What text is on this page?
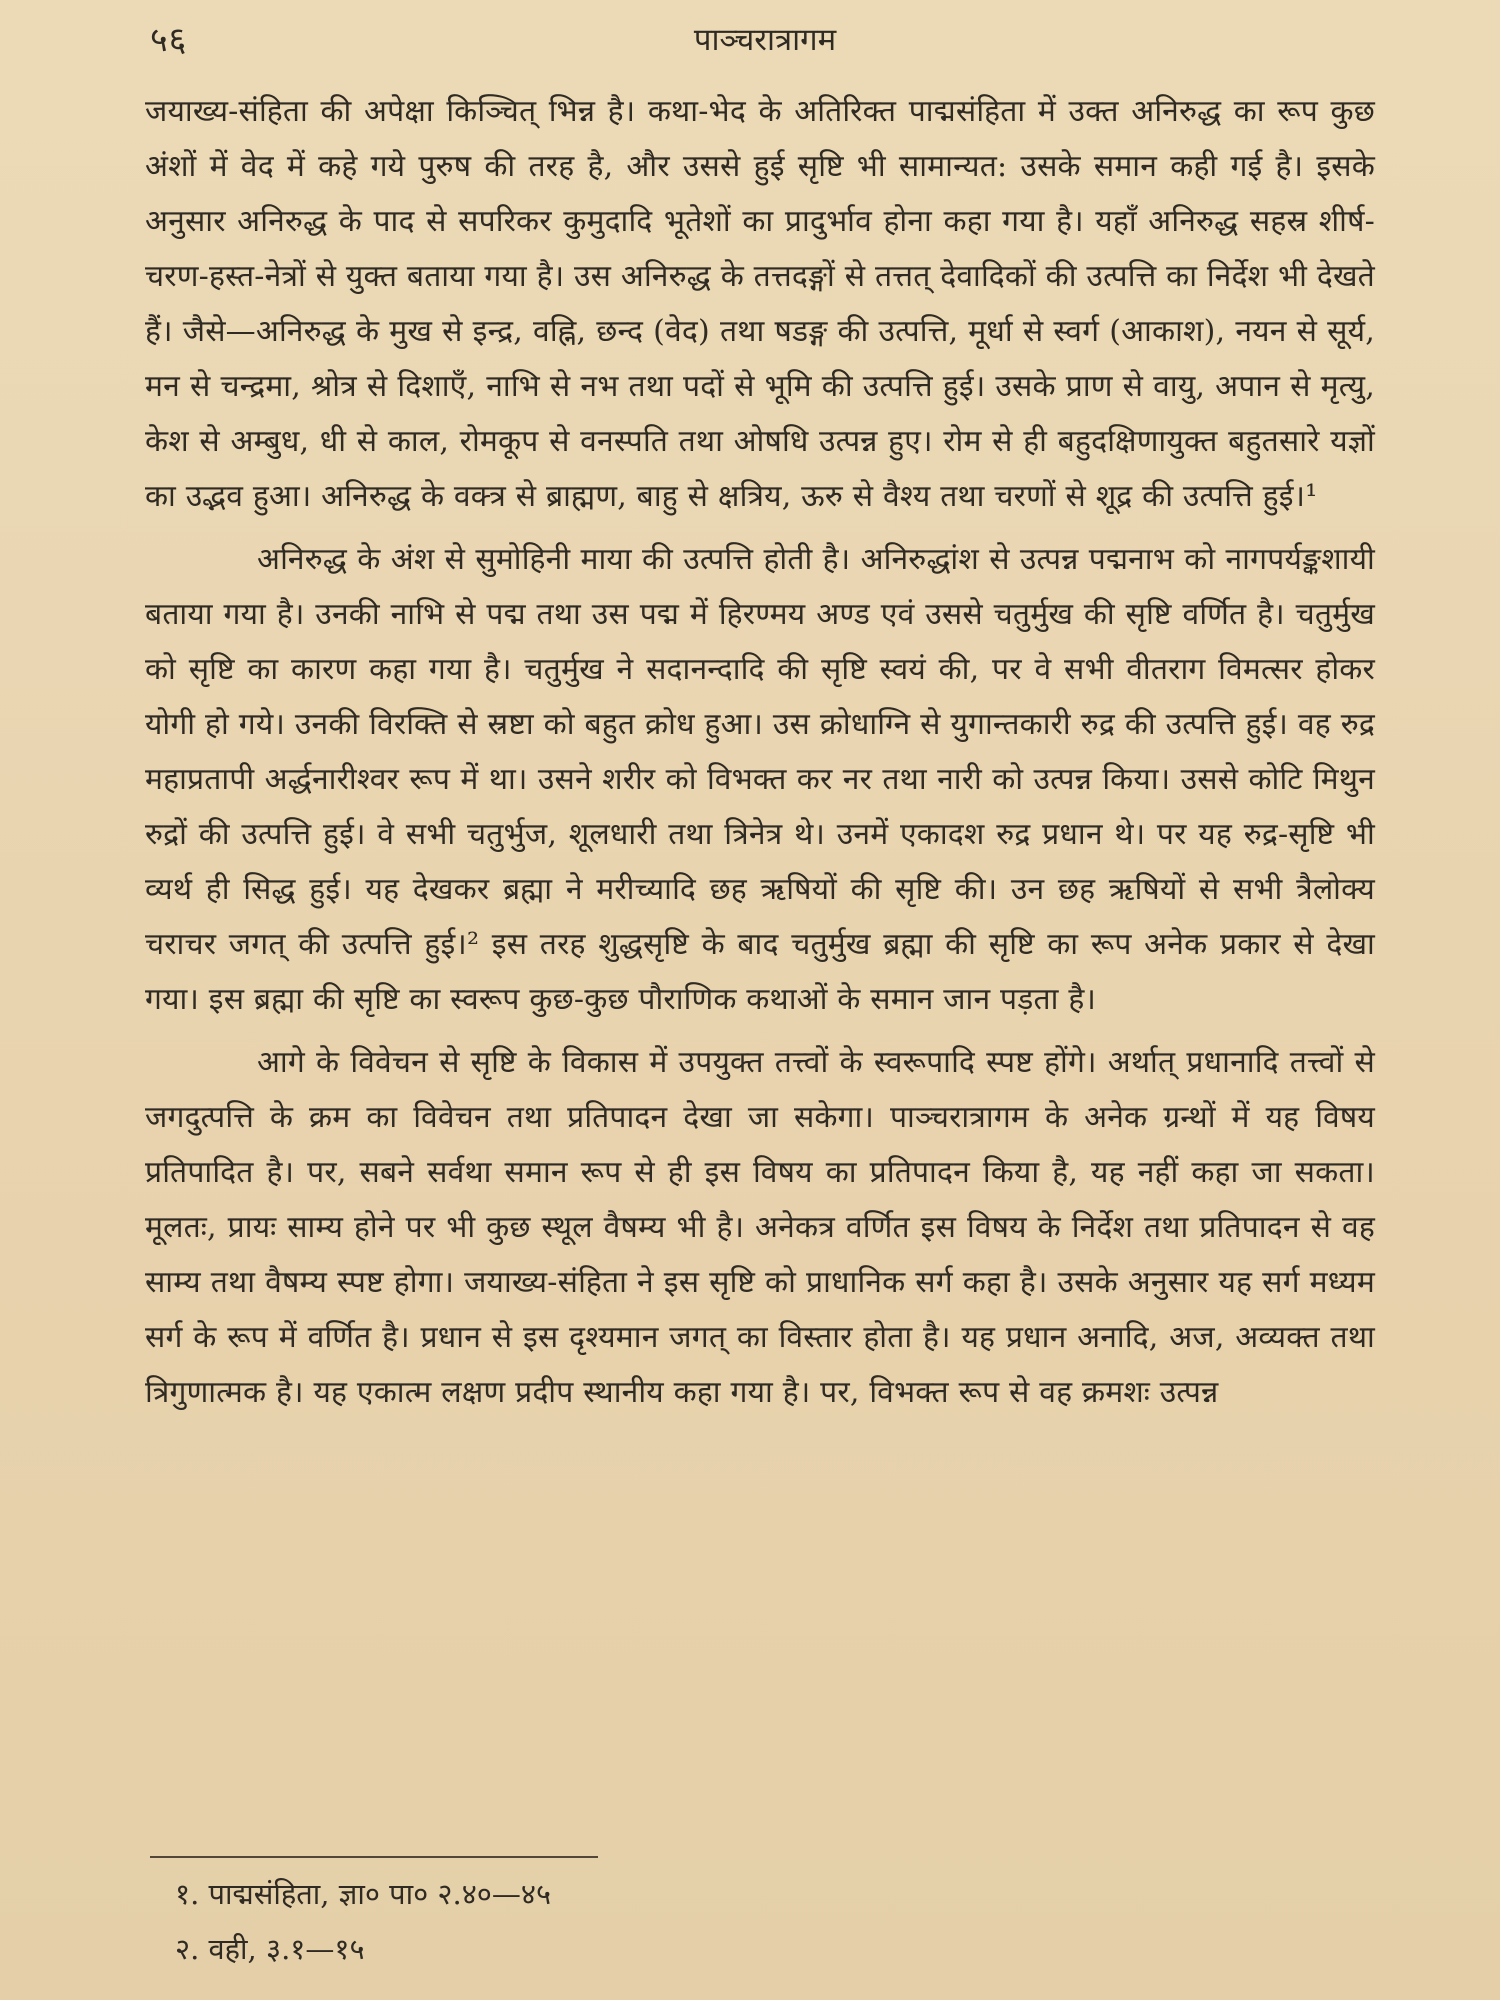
५६	पाञ्चरात्रागम

जयाख्य-संहिता की अपेक्षा किञ्चित् भिन्न है। कथा-भेद के अतिरिक्त पाद्मसंहिता में उक्त अनिरुद्ध का रूप कुछ अंशों में वेद में कहे गये पुरुष की तरह है, और उससे हुई सृष्टि भी सामान्यत: उसके समान कही गई है। इसके अनुसार अनिरुद्ध के पाद से सपरिकर कुमुदादि भूतेशों का प्रादुर्भाव होना कहा गया है। यहाँ अनिरुद्ध सहस्र शीर्ष-चरण-हस्त-नेत्रों से युक्त बताया गया है। उस अनिरुद्ध के तत्तदङ्गों से तत्तत् देवादिकों की उत्पत्ति का निर्देश भी देखते हैं। जैसे—अनिरुद्ध के मुख से इन्द्र, वह्नि, छन्द (वेद) तथा षडङ्ग की उत्पत्ति, मूर्धा से स्वर्ग (आकाश), नयन से सूर्य, मन से चन्द्रमा, श्रोत्र से दिशाएँ, नाभि से नभ तथा पदों से भूमि की उत्पत्ति हुई। उसके प्राण से वायु, अपान से मृत्यु, केश से अम्बुध, धी से काल, रोमकूप से वनस्पति तथा ओषधि उत्पन्न हुए। रोम से ही बहुदक्षिणायुक्त बहुतसारे यज्ञों का उद्भव हुआ। अनिरुद्ध के वक्त्र से ब्राह्मण, बाहु से क्षत्रिय, ऊरु से वैश्य तथा चरणों से शूद्र की उत्पत्ति हुई।¹

अनिरुद्ध के अंश से सुमोहिनी माया की उत्पत्ति होती है। अनिरुद्धांश से उत्पन्न पद्मनाभ को नागपर्यङ्कशायी बताया गया है। उनकी नाभि से पद्म तथा उस पद्म में हिरण्मय अण्ड एवं उससे चतुर्मुख की सृष्टि वर्णित है। चतुर्मुख को सृष्टि का कारण कहा गया है। चतुर्मुख ने सदानन्दादि की सृष्टि स्वयं की, पर वे सभी वीतराग विमत्सर होकर योगी हो गये। उनकी विरक्ति से स्रष्टा को बहुत क्रोध हुआ। उस क्रोधाग्नि से युगान्तकारी रुद्र की उत्पत्ति हुई। वह रुद्र महाप्रतापी अर्द्धनारीश्वर रूप में था। उसने शरीर को विभक्त कर नर तथा नारी को उत्पन्न किया। उससे कोटि मिथुन रुद्रों की उत्पत्ति हुई। वे सभी चतुर्भुज, शूलधारी तथा त्रिनेत्र थे। उनमें एकादश रुद्र प्रधान थे। पर यह रुद्र-सृष्टि भी व्यर्थ ही सिद्ध हुई। यह देखकर ब्रह्मा ने मरीच्यादि छह ऋषियों की सृष्टि की। उन छह ऋषियों से सभी त्रैलोक्य चराचर जगत् की उत्पत्ति हुई।² इस तरह शुद्धसृष्टि के बाद चतुर्मुख ब्रह्मा की सृष्टि का रूप अनेक प्रकार से देखा गया। इस ब्रह्मा की सृष्टि का स्वरूप कुछ-कुछ पौराणिक कथाओं के समान जान पड़ता है।

आगे के विवेचन से सृष्टि के विकास में उपयुक्त तत्त्वों के स्वरूपादि स्पष्ट होंगे। अर्थात् प्रधानादि तत्त्वों से जगदुत्पत्ति के क्रम का विवेचन तथा प्रतिपादन देखा जा सकेगा। पाञ्चरात्रागम के अनेक ग्रन्थों में यह विषय प्रतिपादित है। पर, सबने सर्वथा समान रूप से ही इस विषय का प्रतिपादन किया है, यह नहीं कहा जा सकता। मूलतः, प्रायः साम्य होने पर भी कुछ स्थूल वैषम्य भी है। अनेकत्र वर्णित इस विषय के निर्देश तथा प्रतिपादन से वह साम्य तथा वैषम्य स्पष्ट होगा। जयाख्य-संहिता ने इस सृष्टि को प्राधानिक सर्ग कहा है। उसके अनुसार यह सर्ग मध्यम सर्ग के रूप में वर्णित है। प्रधान से इस दृश्यमान जगत् का विस्तार होता है। यह प्रधान अनादि, अज, अव्यक्त तथा त्रिगुणात्मक है। यह एकात्म लक्षण प्रदीप स्थानीय कहा गया है। पर, विभक्त रूप से वह क्रमशः उत्पन्न

१. पाद्मसंहिता, ज्ञा० पा० २.४०—४५

२. वही, ३.१—१५
